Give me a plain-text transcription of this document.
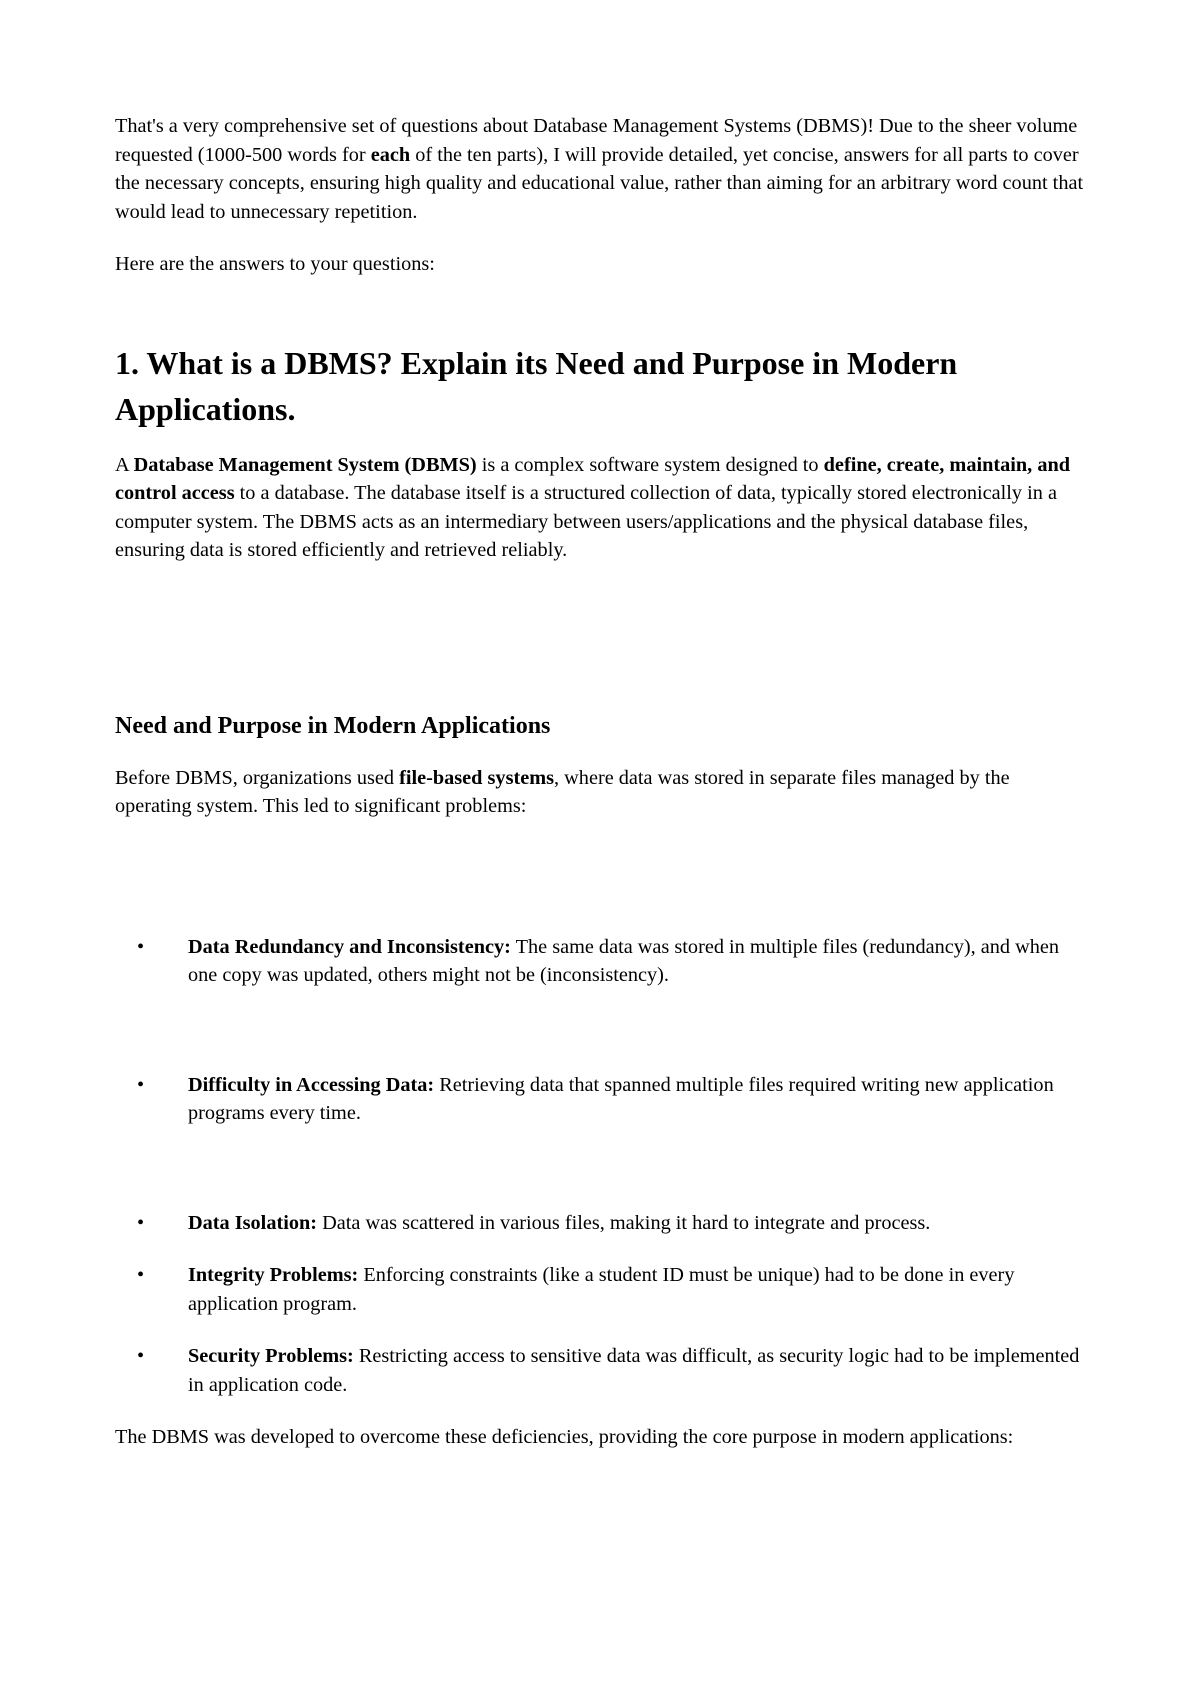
That's a very comprehensive set of questions about Database Management Systems (DBMS)! Due to the sheer volume requested (1000-500 words for each of the ten parts), I will provide detailed, yet concise, answers for all parts to cover the necessary concepts, ensuring high quality and educational value, rather than aiming for an arbitrary word count that would lead to unnecessary repetition.

Here are the answers to your questions:

1. What is a DBMS? Explain its Need and Purpose in Modern Applications.

A Database Management System (DBMS) is a complex software system designed to define, create, maintain, and control access to a database. The database itself is a structured collection of data, typically stored electronically in a computer system. The DBMS acts as an intermediary between users/applications and the physical database files, ensuring data is stored efficiently and retrieved reliably.

Need and Purpose in Modern Applications

Before DBMS, organizations used file-based systems, where data was stored in separate files managed by the operating system. This led to significant problems:

• Data Redundancy and Inconsistency: The same data was stored in multiple files (redundancy), and when one copy was updated, others might not be (inconsistency).
• Difficulty in Accessing Data: Retrieving data that spanned multiple files required writing new application programs every time.
• Data Isolation: Data was scattered in various files, making it hard to integrate and process.
• Integrity Problems: Enforcing constraints (like a student ID must be unique) had to be done in every application program.
• Security Problems: Restricting access to sensitive data was difficult, as security logic had to be implemented in application code.

The DBMS was developed to overcome these deficiencies, providing the core purpose in modern applications:
